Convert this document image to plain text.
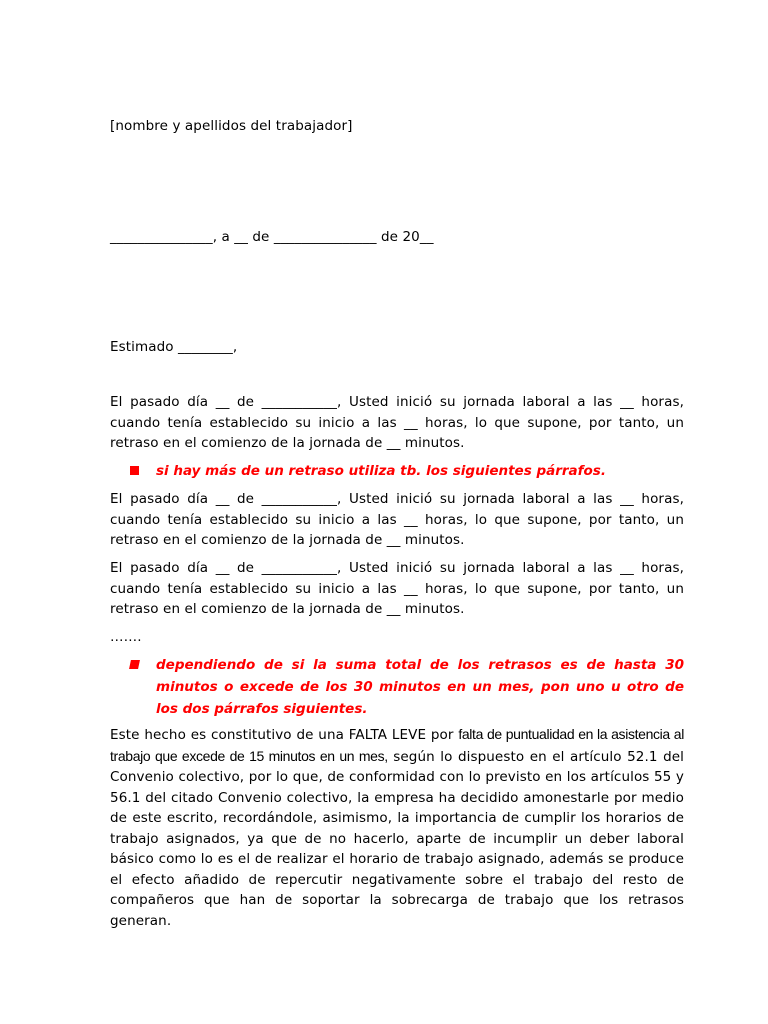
[nombre y apellidos del trabajador]
_______________, a __ de _______________ de 20__
Estimado ________,
El pasado día __ de ___________, Usted inició su jornada laboral a las __ horas, cuando tenía establecido su inicio a las __ horas, lo que supone, por tanto, un retraso en el comienzo de la jornada de __ minutos.
si hay más de un retraso utiliza tb. los siguientes párrafos.
El pasado día __ de ___________, Usted inició su jornada laboral a las __ horas, cuando tenía establecido su inicio a las __ horas, lo que supone, por tanto, un retraso en el comienzo de la jornada de __ minutos.
El pasado día __ de ___________, Usted inició su jornada laboral a las __ horas, cuando tenía establecido su inicio a las __ horas, lo que supone, por tanto, un retraso en el comienzo de la jornada de __ minutos.
…….
dependiendo de si la suma total de los retrasos es de hasta 30 minutos o excede de los 30 minutos en un mes, pon uno u otro de los dos párrafos siguientes.
Este hecho es constitutivo de una FALTA LEVE por falta de puntualidad en la asistencia al trabajo que excede de 15 minutos en un mes, según lo dispuesto en el artículo 52.1 del Convenio colectivo, por lo que, de conformidad con lo previsto en los artículos 55 y 56.1 del citado Convenio colectivo, la empresa ha decidido amonestarle por medio de este escrito, recordándole, asimismo, la importancia de cumplir los horarios de trabajo asignados, ya que de no hacerlo, aparte de incumplir un deber laboral básico como lo es el de realizar el horario de trabajo asignado, además se produce el efecto añadido de repercutir negativamente sobre el trabajo del resto de compañeros que han de soportar la sobrecarga de trabajo que los retrasos generan.
